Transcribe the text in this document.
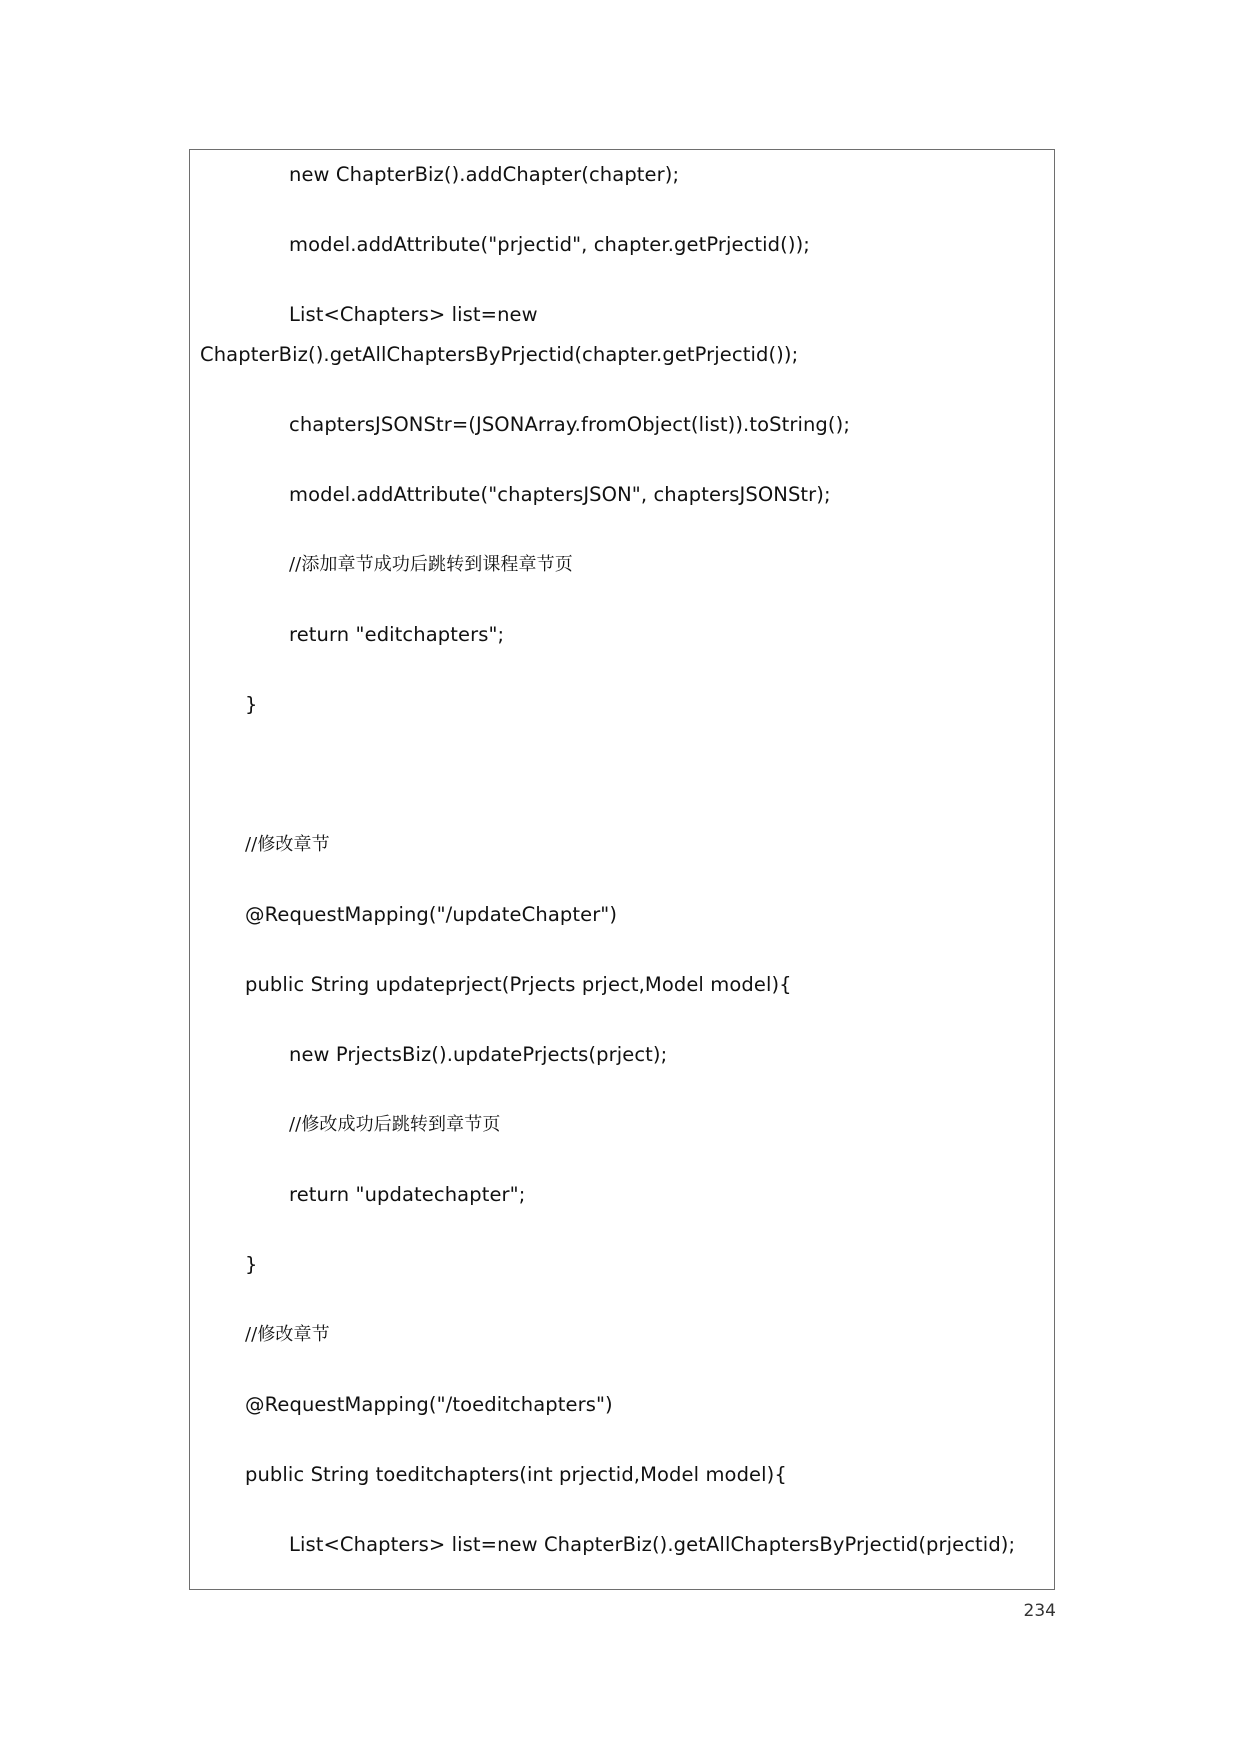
new ChapterBiz().addChapter(chapter);
model.addAttribute("prjectid", chapter.getPrjectid());
List<Chapters> list=new
ChapterBiz().getAllChaptersByPrjectid(chapter.getPrjectid());
chaptersJSONStr=(JSONArray.fromObject(list)).toString();
model.addAttribute("chaptersJSON", chaptersJSONStr);
//添加章节成功后跳转到课程章节页
return "editchapters";
}
//修改章节
@RequestMapping("/updateChapter")
public String updateprject(Prjects prject,Model model){
new PrjectsBiz().updatePrjects(prject);
//修改成功后跳转到章节页
return "updatechapter";
}
//修改章节
@RequestMapping("/toeditchapters")
public String toeditchapters(int prjectid,Model model){
List<Chapters> list=new ChapterBiz().getAllChaptersByPrjectid(prjectid);
234
